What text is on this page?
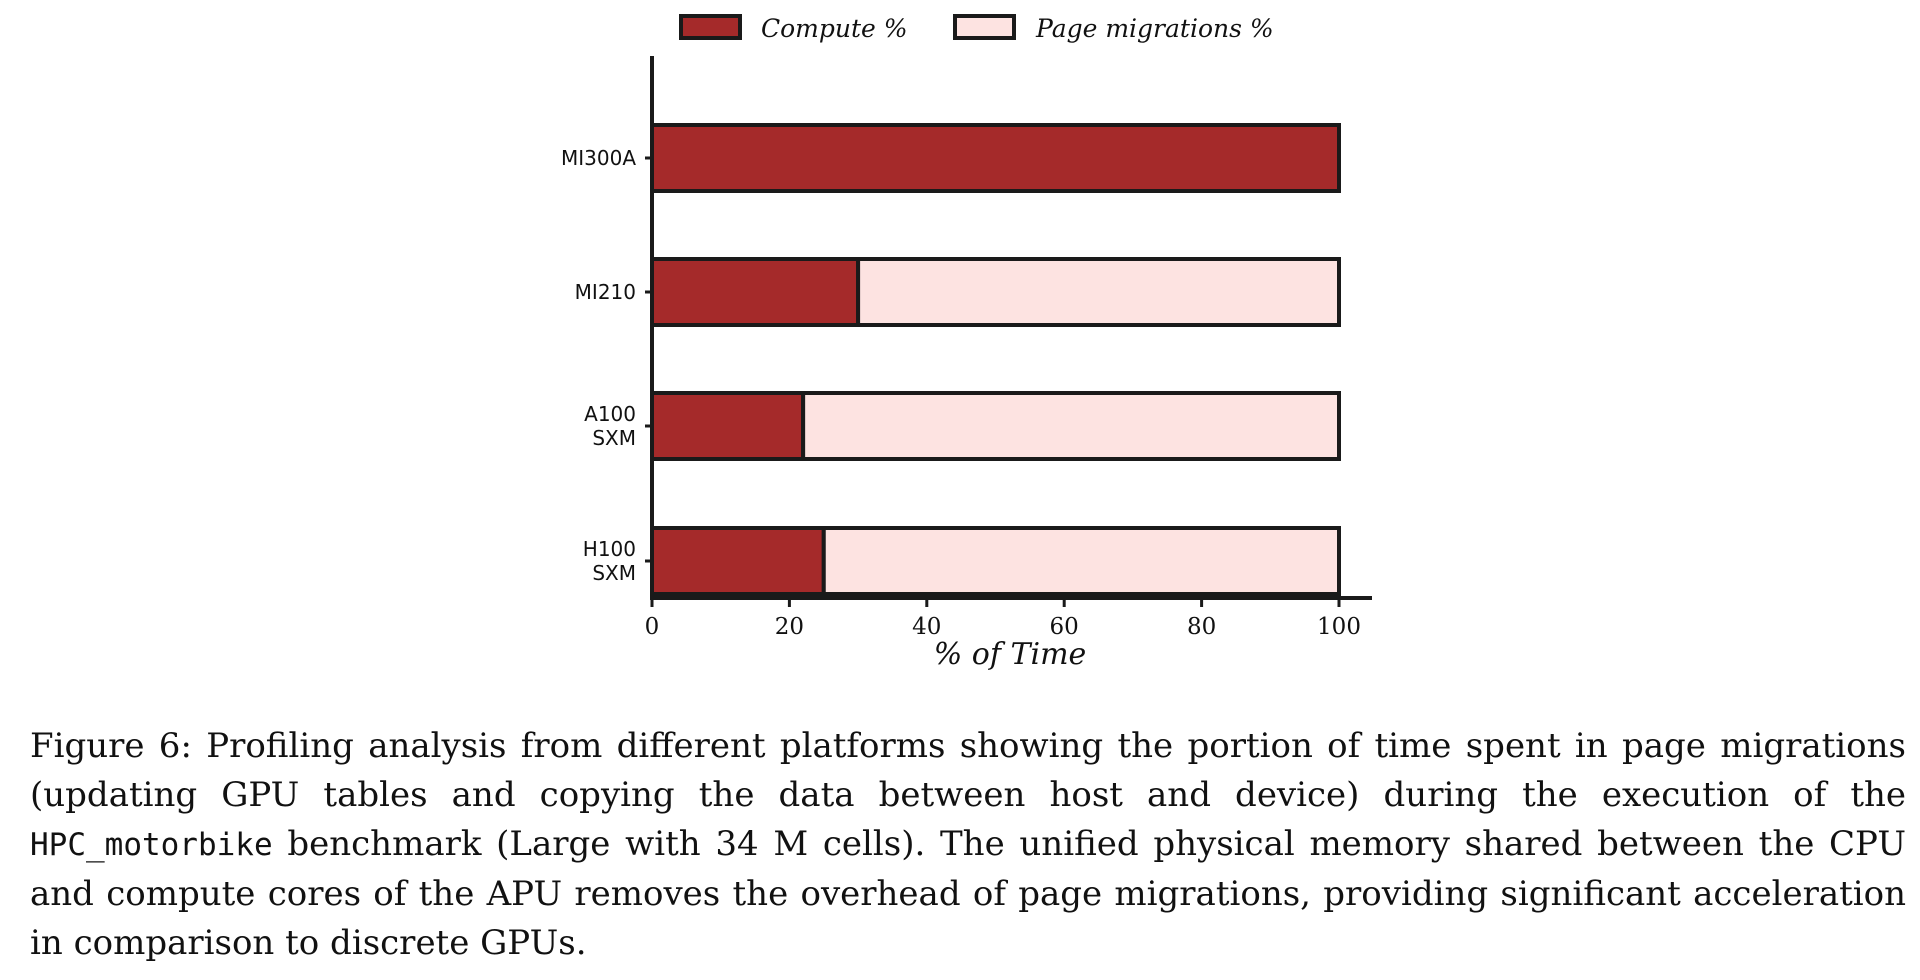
Compute %	Page migrations %
MI300A
MI210
A100 SXM
H100 SXM
0	20	40	60	80	100
% of Time

Figure 6: Profiling analysis from different platforms showing the portion of time spent in page migrations (updating GPU tables and copying the data between host and device) during the execution of the HPC_motorbike benchmark (Large with 34 M cells). The unified physical memory shared between the CPU and compute cores of the APU removes the overhead of page migrations, providing significant acceleration in comparison to discrete GPUs.
